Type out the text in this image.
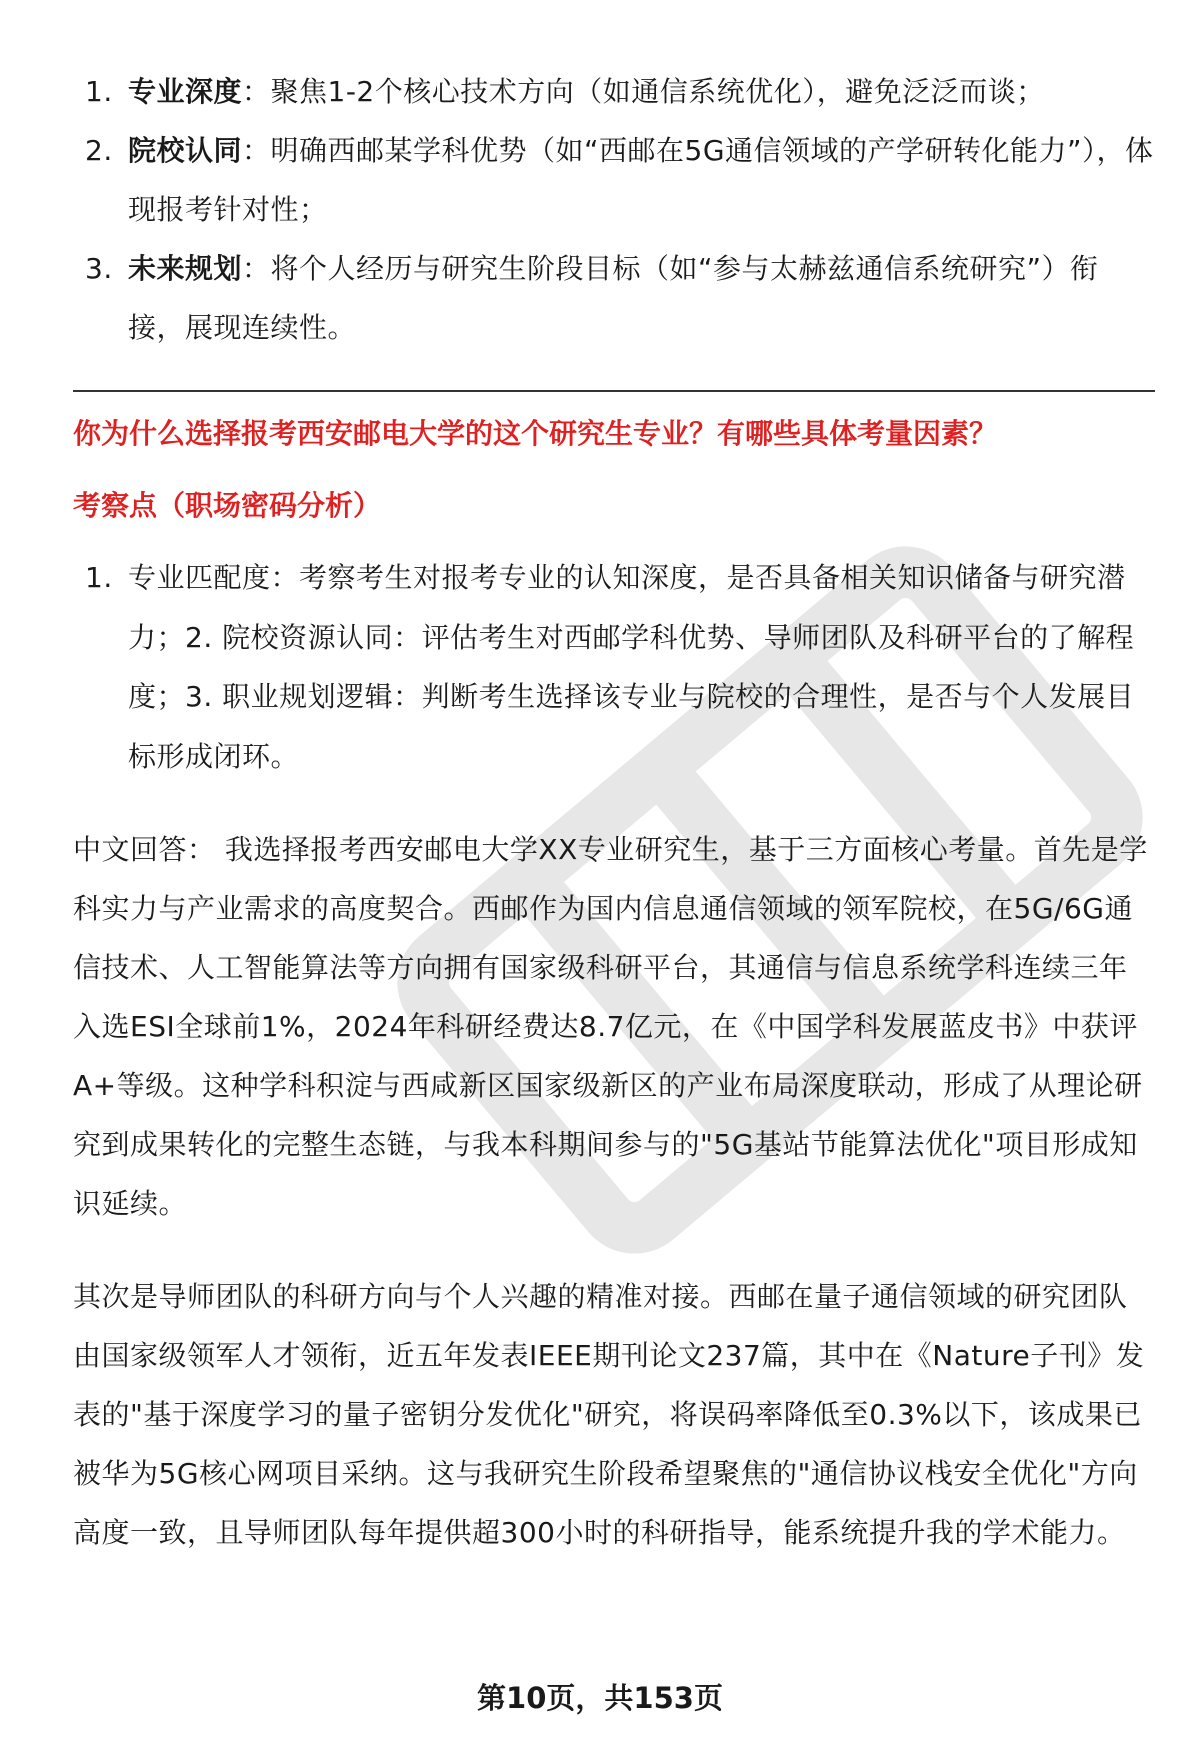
1. 专业深度：聚焦1-2个核心技术方向（如通信系统优化），避免泛泛而谈；
2. 院校认同：明确西邮某学科优势（如“西邮在5G通信领域的产学研转化能力”），体现报考针对性；
3. 未来规划：将个人经历与研究生阶段目标（如“参与太赫兹通信系统研究”）衔接，展现连续性。

你为什么选择报考西安邮电大学的这个研究生专业？有哪些具体考量因素？

考察点（职场密码分析）

1. 专业匹配度：考察考生对报考专业的认知深度，是否具备相关知识储备与研究潜力；2. 院校资源认同：评估考生对西邮学科优势、导师团队及科研平台的了解程度；3. 职业规划逻辑：判断考生选择该专业与院校的合理性，是否与个人发展目标形成闭环。

中文回答： 我选择报考西安邮电大学XX专业研究生，基于三方面核心考量。首先是学科实力与产业需求的高度契合。西邮作为国内信息通信领域的领军院校，在5G/6G通信技术、人工智能算法等方向拥有国家级科研平台，其通信与信息系统学科连续三年入选ESI全球前1%，2024年科研经费达8.7亿元，在《中国学科发展蓝皮书》中获评A+等级。这种学科积淀与西咸新区国家级新区的产业布局深度联动，形成了从理论研究到成果转化的完整生态链，与我本科期间参与的"5G基站节能算法优化"项目形成知识延续。

其次是导师团队的科研方向与个人兴趣的精准对接。西邮在量子通信领域的研究团队由国家级领军人才领衔，近五年发表IEEE期刊论文237篇，其中在《Nature子刊》发表的"基于深度学习的量子密钥分发优化"研究，将误码率降低至0.3%以下，该成果已被华为5G核心网项目采纳。这与我研究生阶段希望聚焦的"通信协议栈安全优化"方向高度一致，且导师团队每年提供超300小时的科研指导，能系统提升我的学术能力。

第10页，共153页
